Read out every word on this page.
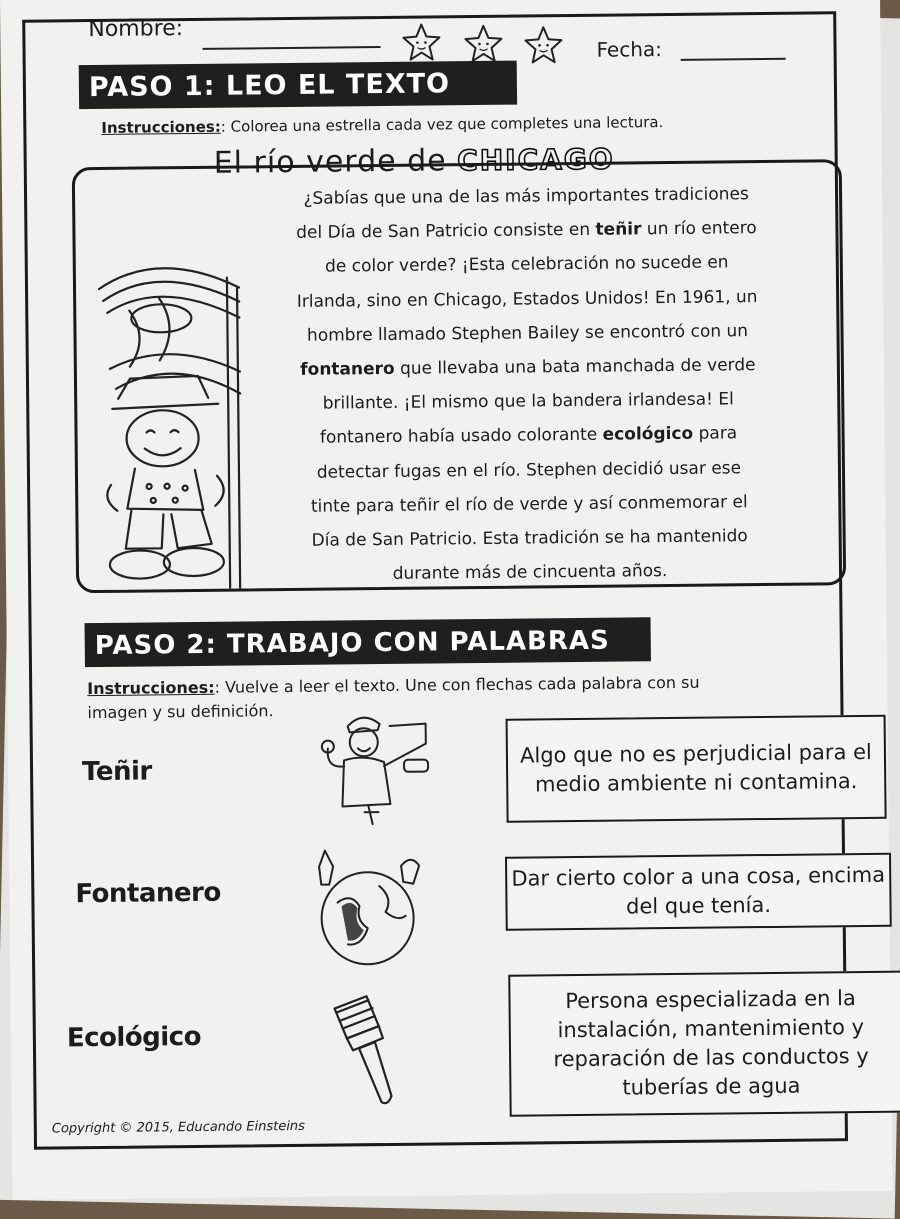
Nombre:
Fecha:
PASO 1: LEO EL TEXTO
Instrucciones:: Colorea una estrella cada vez que completes una lectura.
El río verde de CHICAGO
¿Sabías que una de las más importantes tradiciones
del Día de San Patricio consiste en teñir un río entero
de color verde? ¡Esta celebración no sucede en
Irlanda, sino en Chicago, Estados Unidos! En 1961, un
hombre llamado Stephen Bailey se encontró con un
fontanero que llevaba una bata manchada de verde
brillante. ¡El mismo que la bandera irlandesa! El
fontanero había usado colorante ecológico para
detectar fugas en el río. Stephen decidió usar ese
tinte para teñir el río de verde y así conmemorar el
Día de San Patricio. Esta tradición se ha mantenido
durante más de cincuenta años.
PASO 2: TRABAJO CON PALABRAS
Instrucciones:: Vuelve a leer el texto. Une con flechas cada palabra con su
imagen y su definición.
Teñir
Fontanero
Ecológico
Algo que no es perjudicial para el medio ambiente ni contamina.
Dar cierto color a una cosa, encima del que tenía.
Persona especializada en la instalación, mantenimiento y reparación de las conductos y tuberías de agua
Copyright © 2015, Educando Einsteins
